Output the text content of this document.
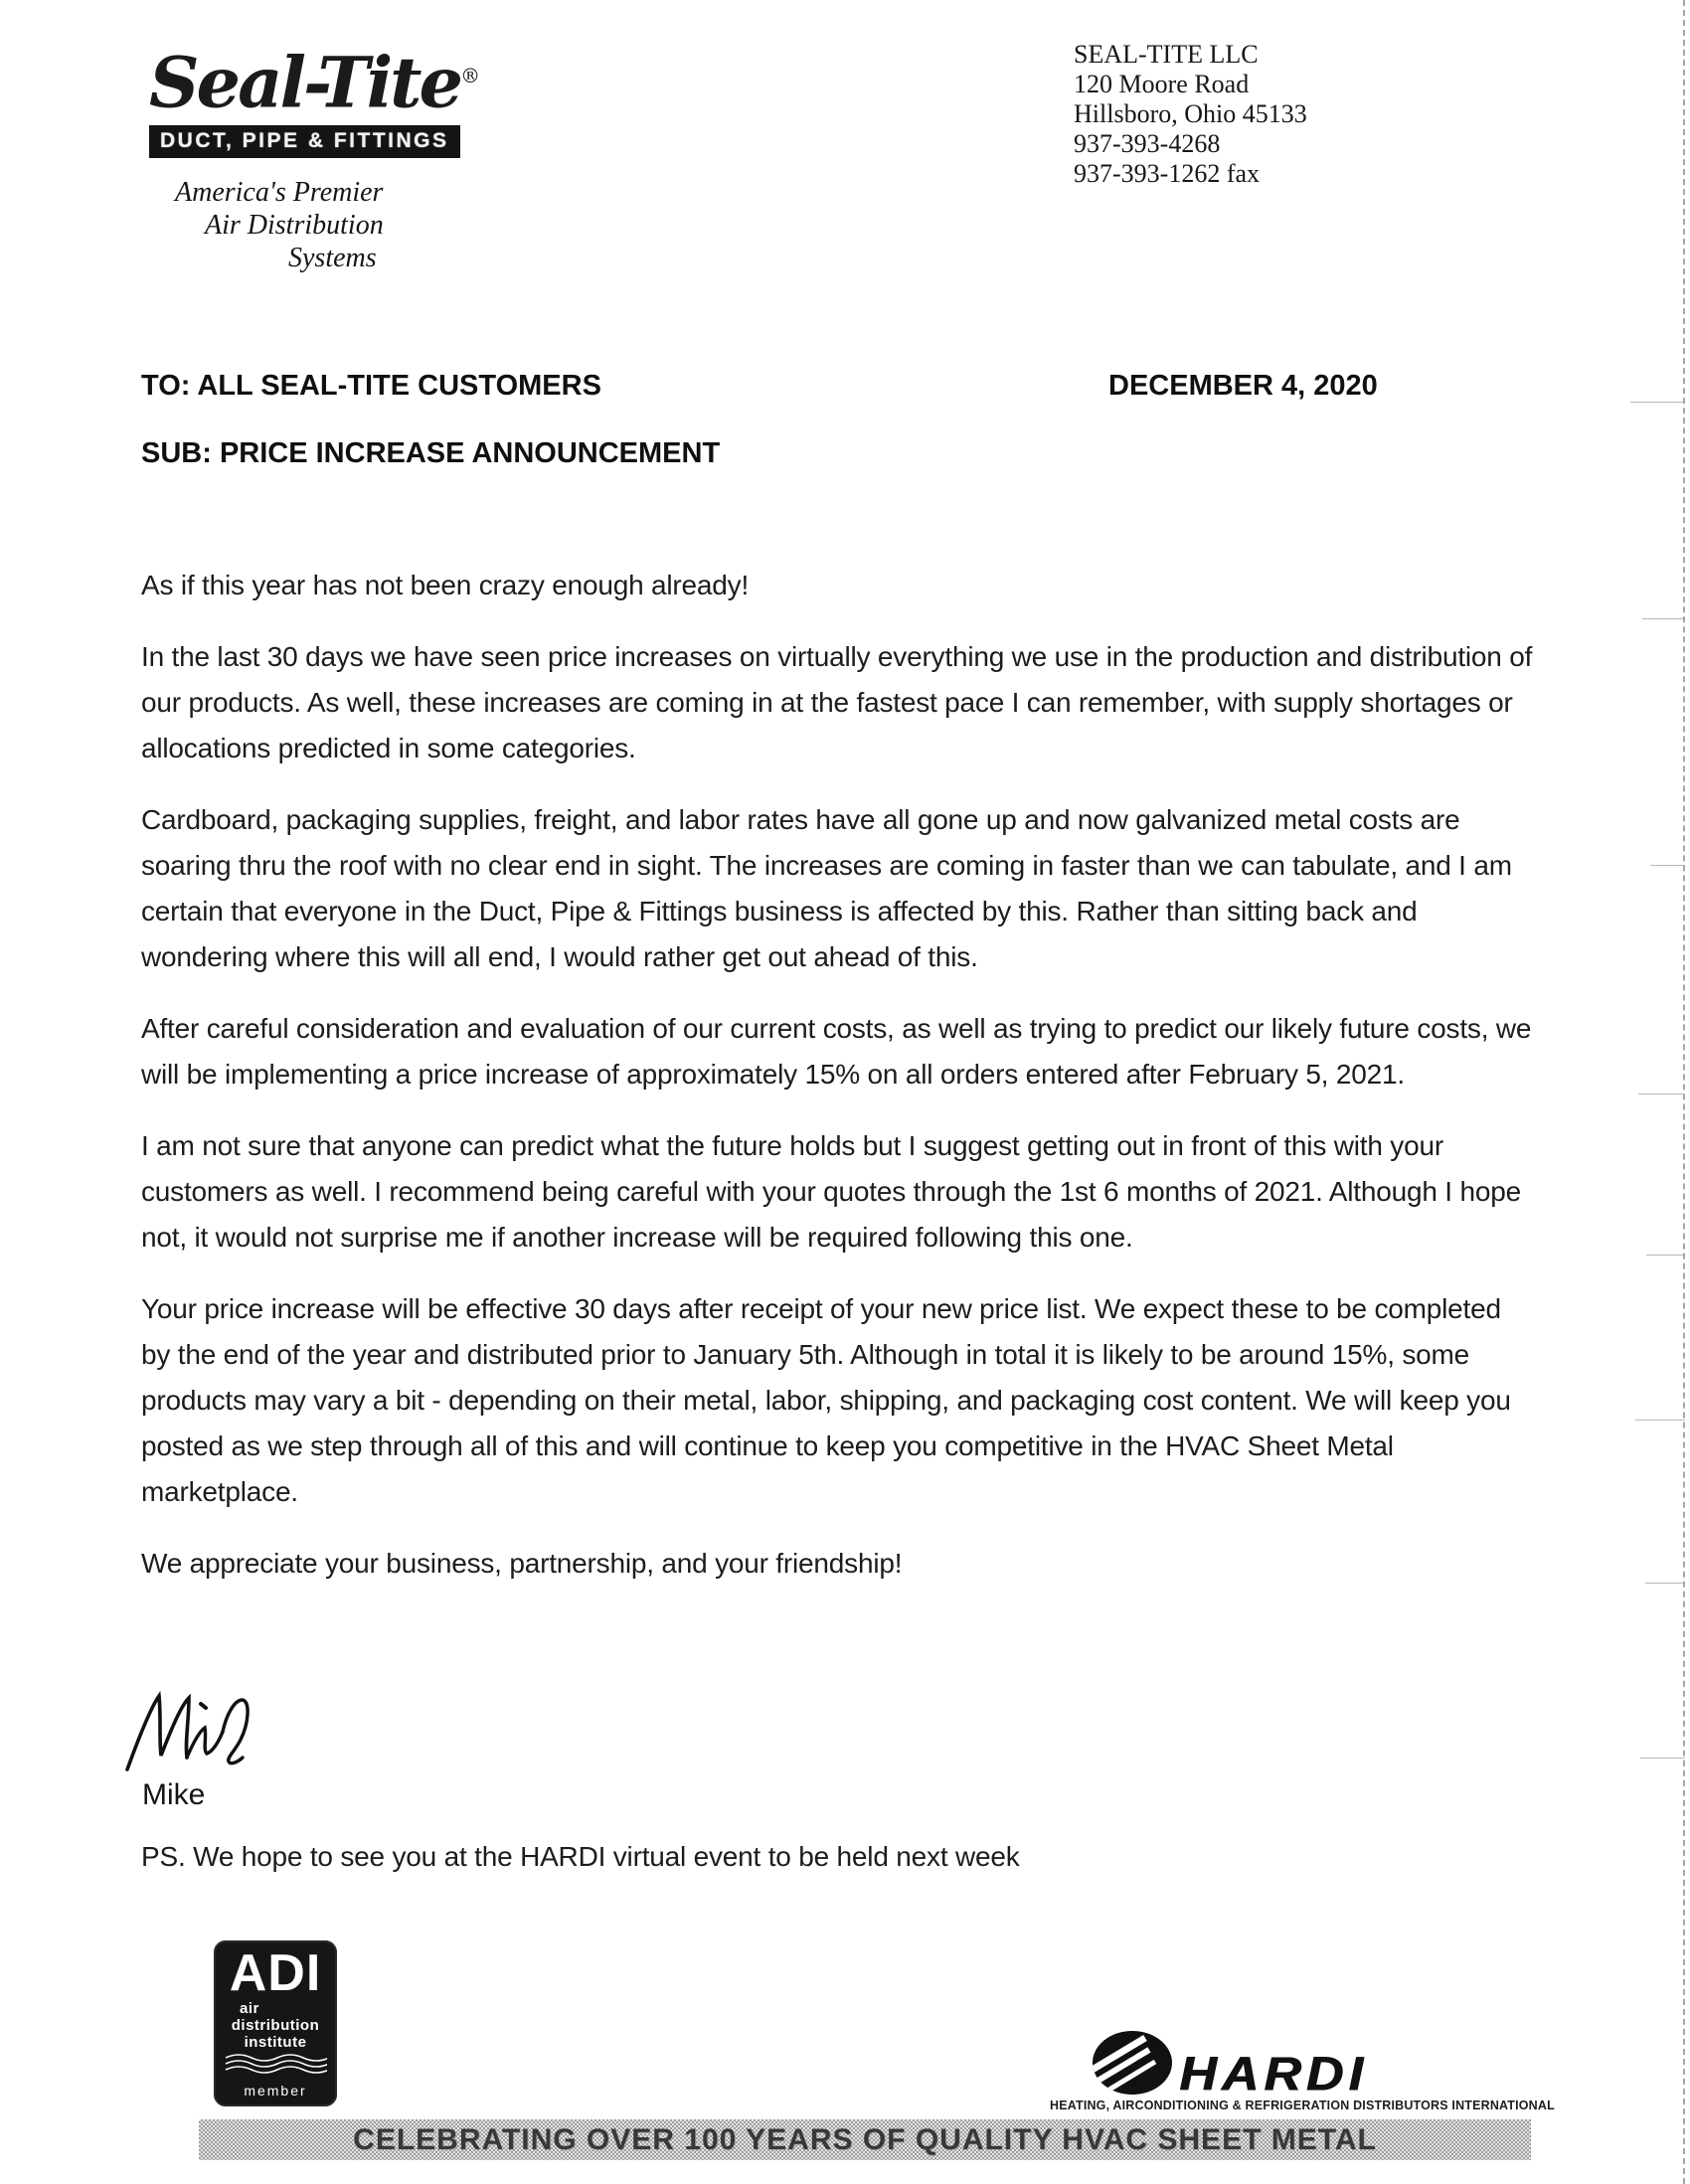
Seal-Tite®
DUCT, PIPE & FITTINGS
America's Premier
Air Distribution
Systems
SEAL-TITE LLC
120 Moore Road
Hillsboro, Ohio 45133
937-393-4268
937-393-1262 fax
TO: ALL SEAL-TITE CUSTOMERS	DECEMBER 4, 2020
SUB: PRICE INCREASE ANNOUNCEMENT

As if this year has not been crazy enough already!

In the last 30 days we have seen price increases on virtually everything we use in the production and distribution of our products. As well, these increases are coming in at the fastest pace I can remember, with supply shortages or allocations predicted in some categories.

Cardboard, packaging supplies, freight, and labor rates have all gone up and now galvanized metal costs are soaring thru the roof with no clear end in sight. The increases are coming in faster than we can tabulate, and I am certain that everyone in the Duct, Pipe & Fittings business is affected by this. Rather than sitting back and wondering where this will all end, I would rather get out ahead of this.

After careful consideration and evaluation of our current costs, as well as trying to predict our likely future costs, we will be implementing a price increase of approximately 15% on all orders entered after February 5, 2021.

I am not sure that anyone can predict what the future holds but I suggest getting out in front of this with your customers as well. I recommend being careful with your quotes through the 1st 6 months of 2021. Although I hope not, it would not surprise me if another increase will be required following this one.

Your price increase will be effective 30 days after receipt of your new price list. We expect these to be completed by the end of the year and distributed prior to January 5th. Although in total it is likely to be around 15%, some products may vary a bit - depending on their metal, labor, shipping, and packaging cost content. We will keep you posted as we step through all of this and will continue to keep you competitive in the HVAC Sheet Metal marketplace.

We appreciate your business, partnership, and your friendship!

Mike
PS. We hope to see you at the HARDI virtual event to be held next week
ADI
air
distribution
institute
member	HARDI
HEATING, AIRCONDITIONING & REFRIGERATION DISTRIBUTORS INTERNATIONAL
CELEBRATING OVER 100 YEARS OF QUALITY HVAC SHEET METAL
